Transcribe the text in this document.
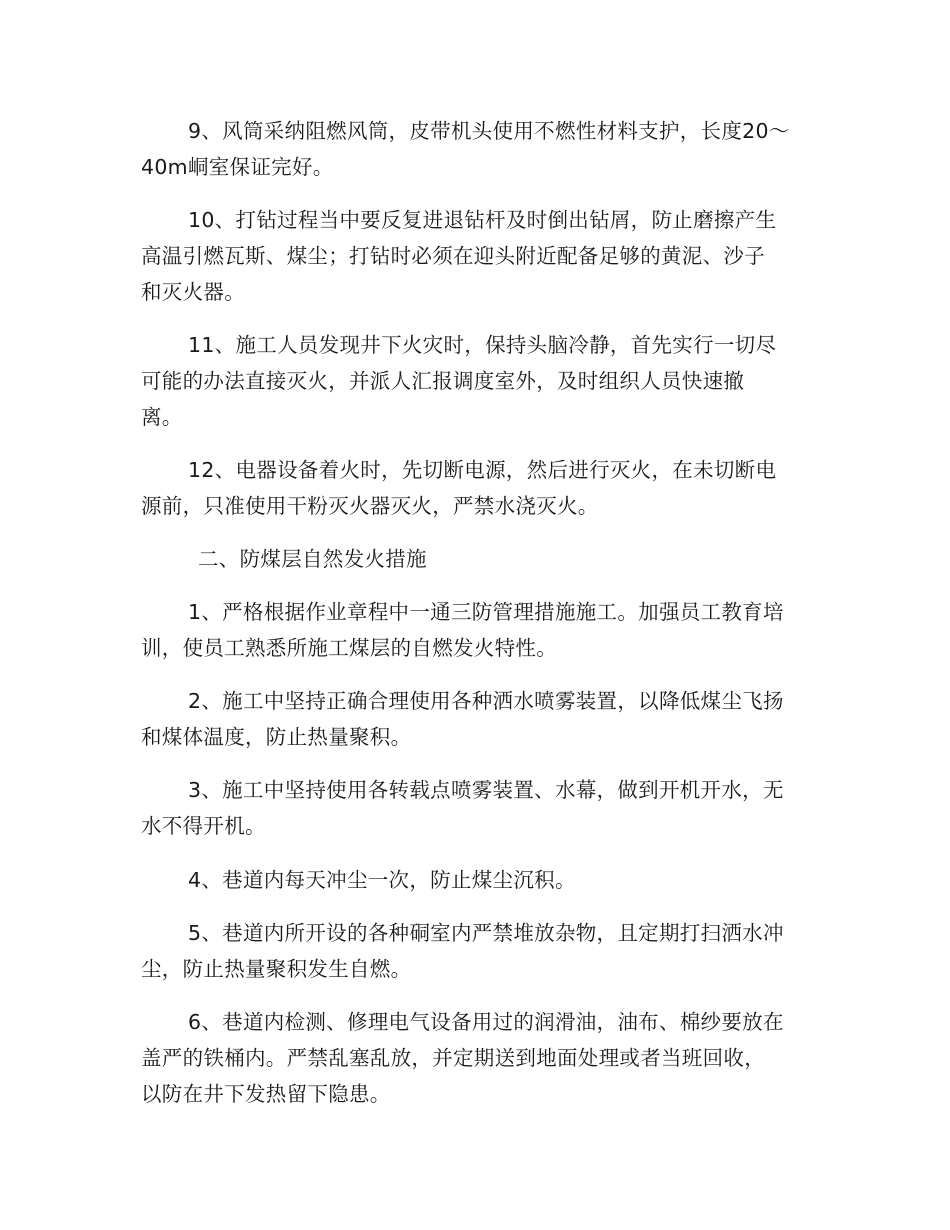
9、风筒采纳阻燃风筒，皮带机头使用不燃性材料支护，长度20～
40m峒室保证完好。
10、打钻过程当中要反复进退钻杆及时倒出钻屑，防止磨擦产生
高温引燃瓦斯、煤尘；打钻时必须在迎头附近配备足够的黄泥、沙子
和灭火器。
11、施工人员发现井下火灾时，保持头脑冷静，首先实行一切尽
可能的办法直接灭火，并派人汇报调度室外，及时组织人员快速撤
离。
12、电器设备着火时，先切断电源，然后进行灭火，在未切断电
源前，只准使用干粉灭火器灭火，严禁水浇灭火。
二、防煤层自然发火措施
1、严格根据作业章程中一通三防管理措施施工。加强员工教育培
训，使员工熟悉所施工煤层的自燃发火特性。
2、施工中坚持正确合理使用各种洒水喷雾装置，以降低煤尘飞扬
和煤体温度，防止热量聚积。
3、施工中坚持使用各转载点喷雾装置、水幕，做到开机开水，无
水不得开机。
4、巷道内每天冲尘一次，防止煤尘沉积。
5、巷道内所开设的各种硐室内严禁堆放杂物，且定期打扫洒水冲
尘，防止热量聚积发生自燃。
6、巷道内检测、修理电气设备用过的润滑油，油布、棉纱要放在
盖严的铁桶内。严禁乱塞乱放，并定期送到地面处理或者当班回收，
以防在井下发热留下隐患。
